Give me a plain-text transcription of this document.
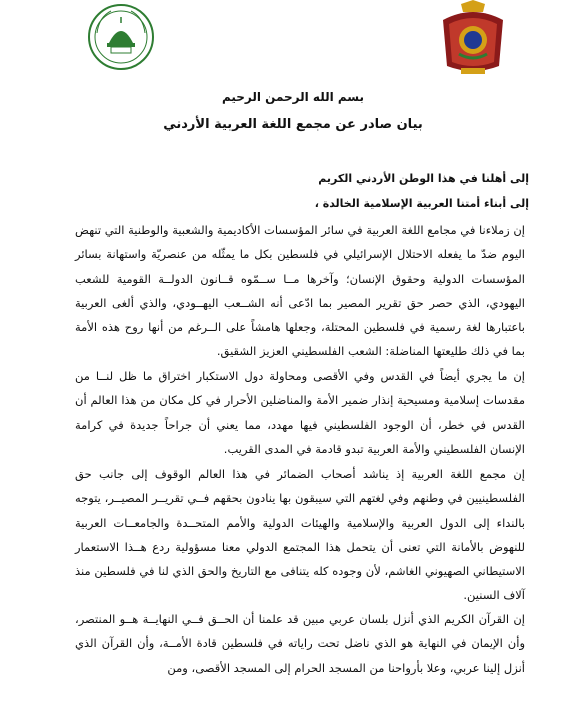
بسم الله الرحمن الرحيم
بيان صادر عن مجمع اللغة العربية الأردني
إلى أهلنا في هذا الوطن الأردني الكريم
إلى أبناء أمتنا العربية الإسلامية الخالدة ،
إن زملاءنا في مجامع اللغة العربية في سائر المؤسسات الأكاديمية والشعبية والوطنية التي تنهض اليوم ضدّ ما يفعله الاحتلال الإسرائيلي في فلسطين بكل ما يمثّله من عنصريّة واستهانة بسائر المؤسسات الدولية وحقوق الإنسان؛ وآخرها مــا ســمّوه قــانون الدولــة القومية للشعب اليهودي، الذي حصر حق تقرير المصير بما ادّعى أنه الشــعب اليهــودي، والذي ألغى العربية باعتبارها لغة رسمية في فلسطين المحتلة، وجعلها هامشاً على الــرغم من أنها روح هذه الأمة بما في ذلك طليعتها المناضلة: الشعب الفلسطيني العزيز الشقيق.
إن ما يجري أيضاً في القدس وفي الأقصى ومحاولة دول الاستكبار اختراق ما ظل لنــا من مقدسات إسلامية ومسيحية إنذار ضمير الأمة والمناضلين الأحرار في كل مكان من هذا العالم أن القدس في خطر، أن الوجود الفلسطيني فيها مهدد، مما يعني أن جراحاً جديدة في كرامة الإنسان الفلسطيني والأمة العربية تبدو قادمة في المدى القريب.
إن مجمع اللغة العربية إذ يناشد أصحاب الضمائر في هذا العالم الوقوف إلى جانب حق الفلسطينيين في وطنهم وفي لغتهم التي سيبقون بها ينادون بحقهم فــي تقريــر المصيــر، يتوجه بالنداء إلى الدول العربية والإسلامية والهيئات الدولية والأمم المتحــدة والجامعــات العربية للنهوض بالأمانة التي تعنى أن يتحمل هذا المجتمع الدولي معنا مسؤولية ردع هــذا الاستعمار الاستيطاني الصهيوني الغاشم، لأن وجوده كله يتنافى مع التاريخ والحق الذي لنا في فلسطين منذ آلاف السنين.
إن القرآن الكريم الذي أنزل بلسان عربي مبين قد علمنا أن الحــق فــي النهايــة هــو المنتصر، وأن الإيمان في النهاية هو الذي ناضل تحت راياته في فلسطين قادة الأمــة، وأن القرآن الذي أنزل إلينا عربي، وعلا بأرواحنا من المسجد الحرام إلى المسجد الأقصى، ومن
